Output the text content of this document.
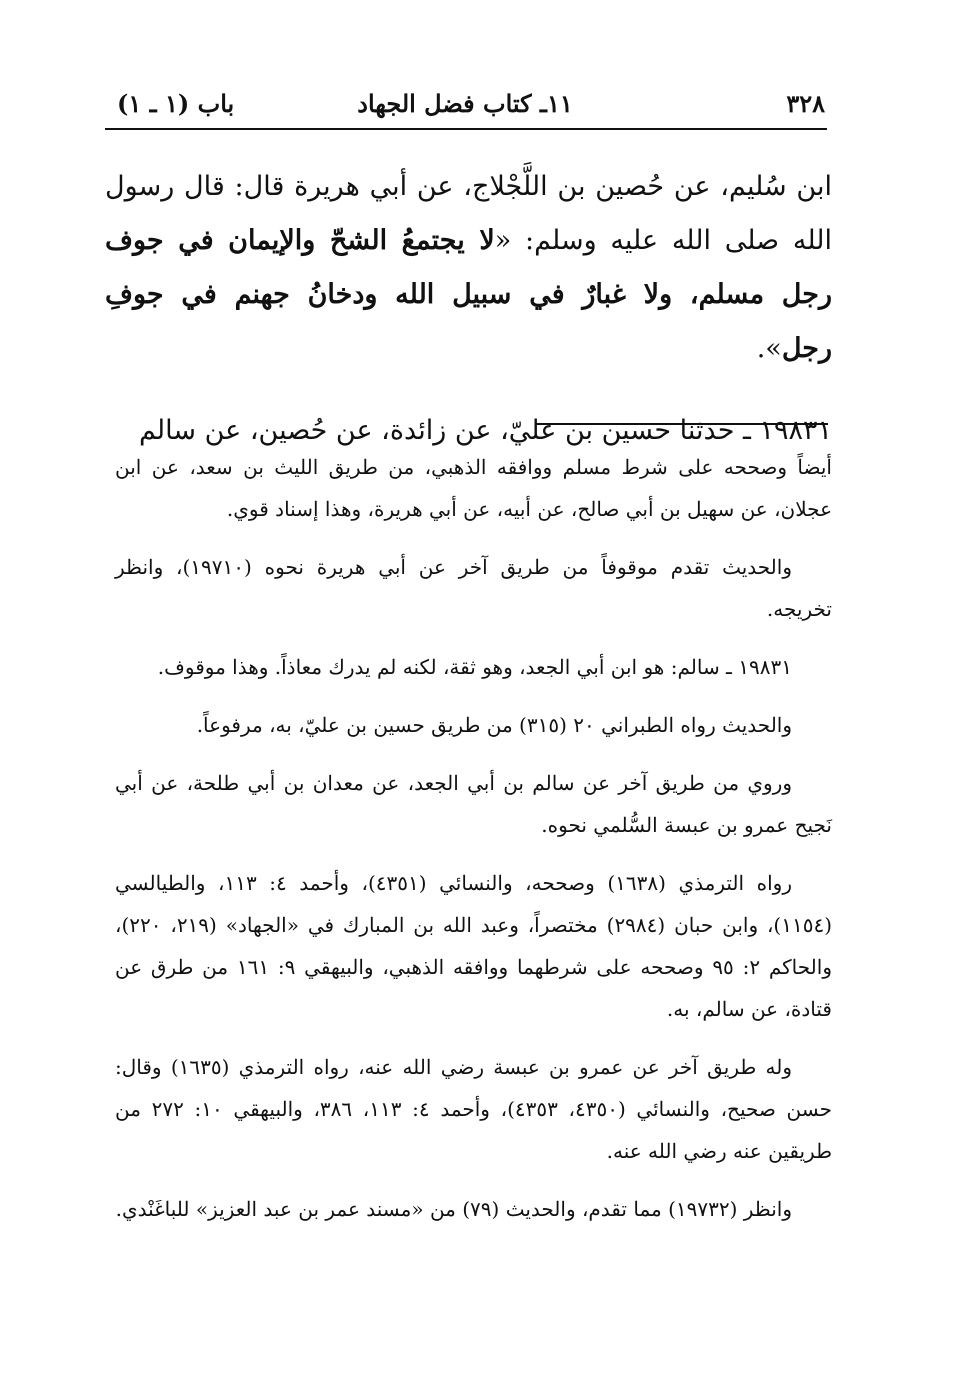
٣٢٨
١١ـ كتاب فضل الجهاد
باب (١ ـ ١)

ابن سُليم، عن حُصين بن اللَّجْلاج، عن أبي هريرة قال: قال رسول الله صلى الله عليه وسلم: «لا يجتمعُ الشحّ والإيمان في جوف رجل مسلم، ولا غبارٌ في سبيل الله ودخانُ جهنم في جوفِ رجل».

١٩٨٣١ ـ حدثنا حسين بن عليّ، عن زائدة، عن حُصين، عن سالم

أيضاً وصححه على شرط مسلم ووافقه الذهبي، من طريق الليث بن سعد، عن ابن عجلان، عن سهيل بن أبي صالح، عن أبيه، عن أبي هريرة، وهذا إسناد قوي.

والحديث تقدم موقوفاً من طريق آخر عن أبي هريرة نحوه (١٩٧١٠)، وانظر تخريجه.

١٩٨٣١ ـ سالم: هو ابن أبي الجعد، وهو ثقة، لكنه لم يدرك معاذاً. وهذا موقوف.

والحديث رواه الطبراني ٢٠ (٣١٥) من طريق حسين بن عليّ، به، مرفوعاً.

وروي من طريق آخر عن سالم بن أبي الجعد، عن معدان بن أبي طلحة، عن أبي نَجيح عمرو بن عبسة السُّلمي نحوه.

رواه الترمذي (١٦٣٨) وصححه، والنسائي (٤٣٥١)، وأحمد ٤: ١١٣، والطيالسي (١١٥٤)، وابن حبان (٢٩٨٤) مختصراً، وعبد الله بن المبارك في «الجهاد» (٢١٩، ٢٢٠)، والحاكم ٢: ٩٥ وصححه على شرطهما ووافقه الذهبي، والبيهقي ٩: ١٦١ من طرق عن قتادة، عن سالم، به.

وله طريق آخر عن عمرو بن عبسة رضي الله عنه، رواه الترمذي (١٦٣٥) وقال: حسن صحيح، والنسائي (٤٣٥٠، ٤٣٥٣)، وأحمد ٤: ١١٣، ٣٨٦، والبيهقي ١٠: ٢٧٢ من طريقين عنه رضي الله عنه.

وانظر (١٩٧٣٢) مما تقدم، والحديث (٧٩) من «مسند عمر بن عبد العزيز» للباغَنْدي.
